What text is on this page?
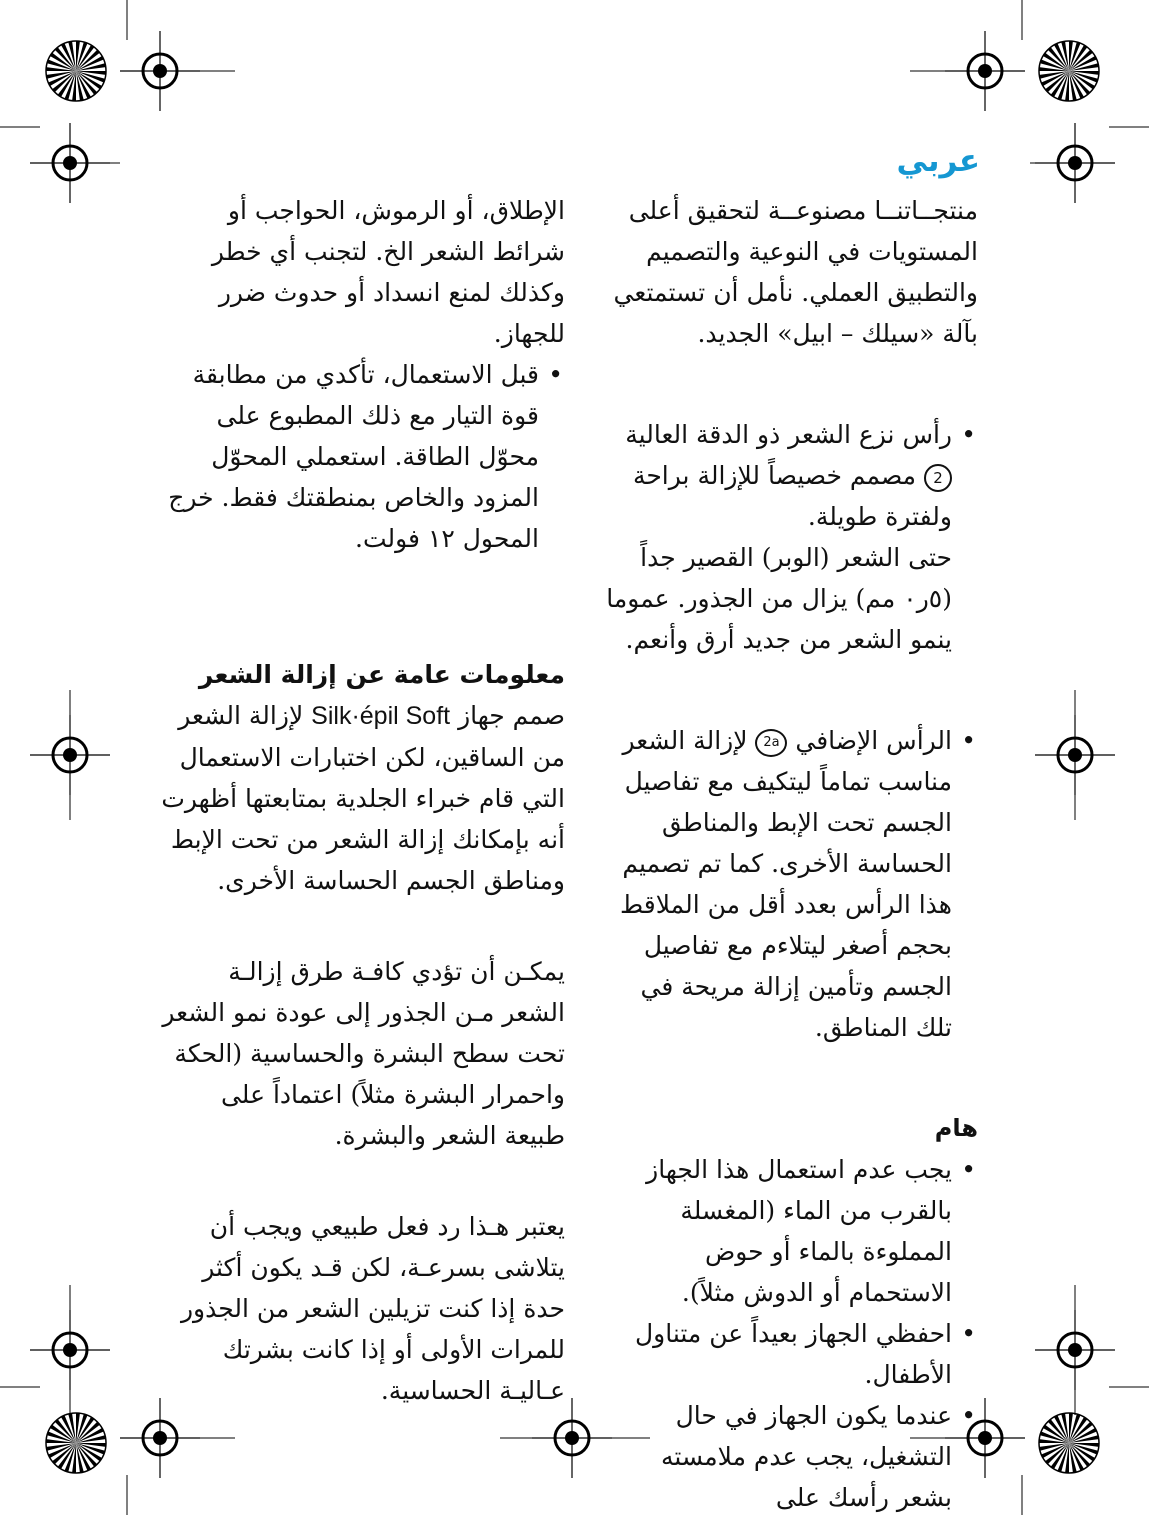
عربي

منتجــاتنــا مصنوعــة لتحقيق أعلى المستويات في النوعية والتصميم والتطبيق العملي. نأمل أن تستمتعي بآلة «سيلك – ابيل» الجديد.

• رأس نزع الشعر ذو الدقة العالية 2 مصمم خصيصاً للإزالة براحة ولفترة طويلة.

حتى الشعر (الوبر) القصير جداً (٥ر٠ مم) يزال من الجذور. عموما ينمو الشعر من جديد أرق وأنعم.

• الرأس الإضافي 2a لإزالة الشعر مناسب تماماً ليتكيف مع تفاصيل الجسم تحت الإبط والمناطق الحساسة الأخرى. كما تم تصميم هذا الرأس بعدد أقل من الملاقط بحجم أصغر ليتلاءم مع تفاصيل الجسم وتأمين إزالة مريحة في تلك المناطق.
هام
• يجب عدم استعمال هذا الجهاز بالقرب من الماء (المغسلة المملوءة بالماء أو حوض الاستحمام أو الدوش مثلاً).
• احفظي الجهاز بعيداً عن متناول الأطفال.
• عندما يكون الجهاز في حال التشغيل، يجب عدم ملامسته بشعر رأسك على

الإطلاق، أو الرموش، الحواجب أو شرائط الشعر الخ. لتجنب أي خطر وكذلك لمنع انسداد أو حدوث ضرر للجهاز.

• قبل الاستعمال، تأكدي من مطابقة قوة التيار مع ذلك المطبوع على محوّل الطاقة. استعملي المحوّل المزود والخاص بمنطقتك فقط. خرج المحول ١٢ فولت.
معلومات عامة عن إزالة الشعر

صمم جهاز Silk·épil Soft لإزالة الشعر من الساقين، لكن اختبارات الاستعمال التي قام خبراء الجلدية بمتابعتها أظهرت أنه بإمكانك إزالة الشعر من تحت الإبط ومناطق الجسم الحساسة الأخرى.

يمكـن أن تؤدي كافـة طرق إزالـة الشعر مـن الجذور إلى عودة نمو الشعر تحت سطح البشرة والحساسية (الحكة واحمرار البشرة مثلاً) اعتماداً على طبيعة الشعر والبشرة.

يعتبر هـذا رد فعل طبيعي ويجب أن يتلاشى بسرعـة، لكن قـد يكون أكثر حدة إذا كنت تزيلين الشعر من الجذور للمرات الأولى أو إذا كانت بشرتك عـاليـة الحساسية.
